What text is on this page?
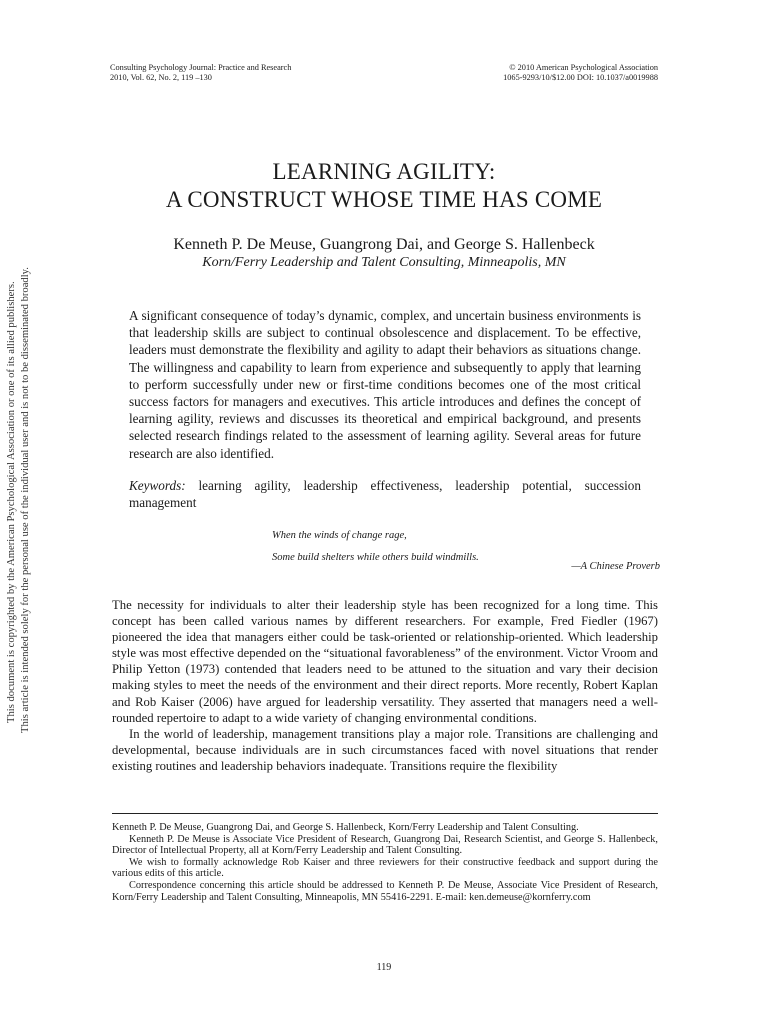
This document is copyrighted by the American Psychological Association or one of its allied publishers. This article is intended solely for the personal use of the individual user and is not to be disseminated broadly.
Consulting Psychology Journal: Practice and Research
2010, Vol. 62, No. 2, 119 –130
© 2010 American Psychological Association
1065-9293/10/$12.00 DOI: 10.1037/a0019988
LEARNING AGILITY:
A CONSTRUCT WHOSE TIME HAS COME
Kenneth P. De Meuse, Guangrong Dai, and George S. Hallenbeck
Korn/Ferry Leadership and Talent Consulting, Minneapolis, MN
A significant consequence of today’s dynamic, complex, and uncertain business environments is that leadership skills are subject to continual obsolescence and displacement. To be effective, leaders must demonstrate the flexibility and agility to adapt their behaviors as situations change. The willingness and capability to learn from experience and subsequently to apply that learning to perform successfully under new or first-time conditions becomes one of the most critical success factors for managers and executives. This article introduces and defines the concept of learning agility, reviews and discusses its theoretical and empirical background, and presents selected research findings related to the assessment of learning agility. Several areas for future research are also identified.
Keywords: learning agility, leadership effectiveness, leadership potential, succession management
When the winds of change rage,
Some build shelters while others build windmills.
—A Chinese Proverb

The necessity for individuals to alter their leadership style has been recognized for a long time. This concept has been called various names by different researchers. For example, Fred Fiedler (1967) pioneered the idea that managers either could be task-oriented or relationship-oriented. Which leadership style was most effective depended on the “situational favorableness” of the environment. Victor Vroom and Philip Yetton (1973) contended that leaders need to be attuned to the situation and vary their decision making styles to meet the needs of the environment and their direct reports. More recently, Robert Kaplan and Rob Kaiser (2006) have argued for leadership versatility. They asserted that managers need a well-rounded repertoire to adapt to a wide variety of changing environmental conditions.

In the world of leadership, management transitions play a major role. Transitions are challenging and developmental, because individuals are in such circumstances faced with novel situations that render existing routines and leadership behaviors inadequate. Transitions require the flexibility

Kenneth P. De Meuse, Guangrong Dai, and George S. Hallenbeck, Korn/Ferry Leadership and Talent Consulting.

Kenneth P. De Meuse is Associate Vice President of Research, Guangrong Dai, Research Scientist, and George S. Hallenbeck, Director of Intellectual Property, all at Korn/Ferry Leadership and Talent Consulting.

We wish to formally acknowledge Rob Kaiser and three reviewers for their constructive feedback and support during the various edits of this article.

Correspondence concerning this article should be addressed to Kenneth P. De Meuse, Associate Vice President of Research, Korn/Ferry Leadership and Talent Consulting, Minneapolis, MN 55416-2291. E-mail: ken.demeuse@kornferry.com

119
